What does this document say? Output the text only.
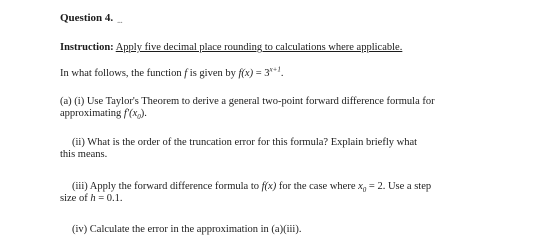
Question 4. ...
Instruction: Apply five decimal place rounding to calculations where applicable.
In what follows, the function f is given by $f(x) = 3^{x+1}$.
(a) (i) Use Taylor's Theorem to derive a general two-point forward difference formula for
approximating $f'(x_0)$.
(ii) What is the order of the truncation error for this formula? Explain briefly what
this means.
(iii) Apply the forward difference formula to f(x) for the case where $x_0 = 2$. Use a step
size of h = 0.1.
(iv) Calculate the error in the approximation in (a)(iii).
